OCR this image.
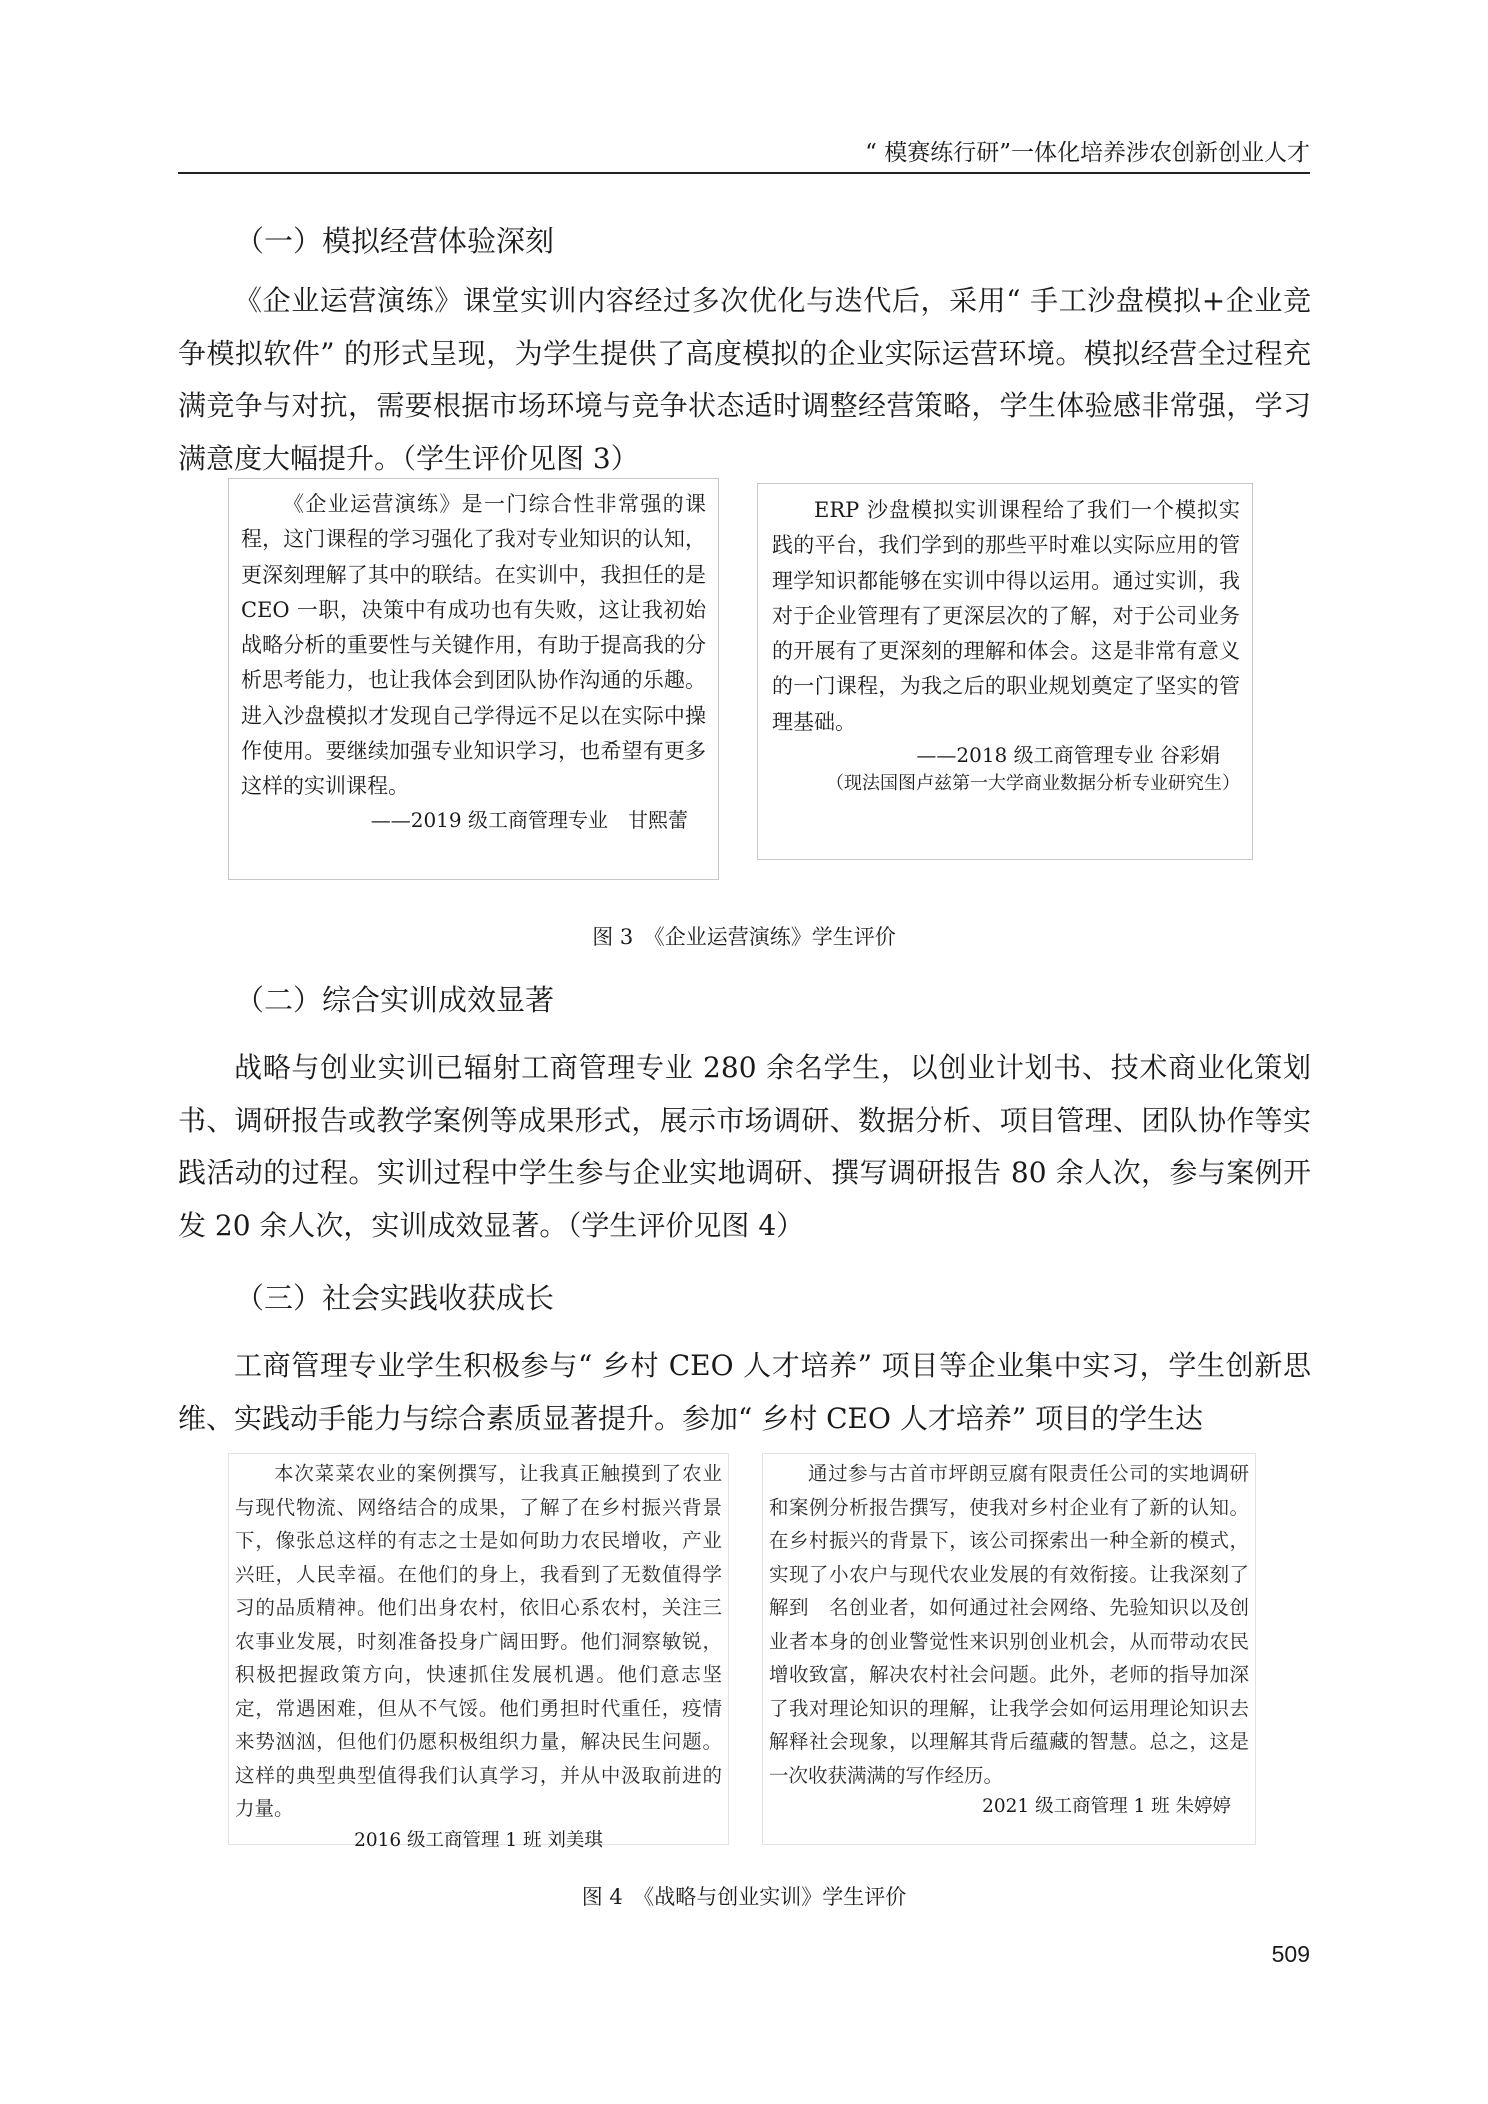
“ 模赛练行研”一体化培养涉农创新创业人才
（一）模拟经营体验深刻

《企业运营演练》课堂实训内容经过多次优化与迭代后，采用“ 手工沙盘模拟+企业竞争模拟软件” 的形式呈现，为学生提供了高度模拟的企业实际运营环境。模拟经营全过程充满竞争与对抗，需要根据市场环境与竞争状态适时调整经营策略，学生体验感非常强，学习满意度大幅提升。（学生评价见图 3）

《企业运营演练》是一门综合性非常强的课程，这门课程的学习强化了我对专业知识的认知，更深刻理解了其中的联结。在实训中，我担任的是 CEO 一职，决策中有成功也有失败，这让我初始战略分析的重要性与关键作用，有助于提高我的分析思考能力，也让我体会到团队协作沟通的乐趣。进入沙盘模拟才发现自己学得远不足以在实际中操作使用。要继续加强专业知识学习，也希望有更多这样的实训课程。

——2019 级工商管理专业　甘熙蕾

ERP 沙盘模拟实训课程给了我们一个模拟实践的平台，我们学到的那些平时难以实际应用的管理学知识都能够在实训中得以运用。通过实训，我对于企业管理有了更深层次的了解，对于公司业务的开展有了更深刻的理解和体会。这是非常有意义的一门课程，为我之后的职业规划奠定了坚实的管理基础。

——2018 级工商管理专业 谷彩娟
（现法国图卢兹第一大学商业数据分析专业研究生）
图 3　《企业运营演练》学生评价
（二）综合实训成效显著

战略与创业实训已辐射工商管理专业 280 余名学生，以创业计划书、技术商业化策划书、调研报告或教学案例等成果形式，展示市场调研、数据分析、项目管理、团队协作等实践活动的过程。实训过程中学生参与企业实地调研、撰写调研报告 80 余人次，参与案例开发 20 余人次，实训成效显著。（学生评价见图 4）

（三）社会实践收获成长

工商管理专业学生积极参与“ 乡村 CEO 人才培养” 项目等企业集中实习，学生创新思维、实践动手能力与综合素质显著提升。参加“ 乡村 CEO 人才培养” 项目的学生达

本次菜菜农业的案例撰写，让我真正触摸到了农业与现代物流、网络结合的成果，了解了在乡村振兴背景下，像张总这样的有志之士是如何助力农民增收，产业兴旺，人民幸福。在他们的身上，我看到了无数值得学习的品质精神。他们出身农村，依旧心系农村，关注三农事业发展，时刻准备投身广阔田野。他们洞察敏锐，积极把握政策方向，快速抓住发展机遇。他们意志坚定，常遇困难，但从不气馁。他们勇担时代重任，疫情来势汹汹，但他们仍愿积极组织力量，解决民生问题。这样的典型典型值得我们认真学习，并从中汲取前进的力量。

2016 级工商管理 1 班 刘美琪

通过参与古首市坪朗豆腐有限责任公司的实地调研和案例分析报告撰写，使我对乡村企业有了新的认知。在乡村振兴的背景下，该公司探索出一种全新的模式，实现了小农户与现代农业发展的有效衔接。让我深刻了解到　名创业者，如何通过社会网络、先验知识以及创业者本身的创业警觉性来识别创业机会，从而带动农民增收致富，解决农村社会问题。此外，老师的指导加深了我对理论知识的理解，让我学会如何运用理论知识去解释社会现象，以理解其背后蕴藏的智慧。总之，这是一次收获满满的写作经历。

2021 级工商管理 1 班 朱婷婷
图 4　《战略与创业实训》学生评价
509
